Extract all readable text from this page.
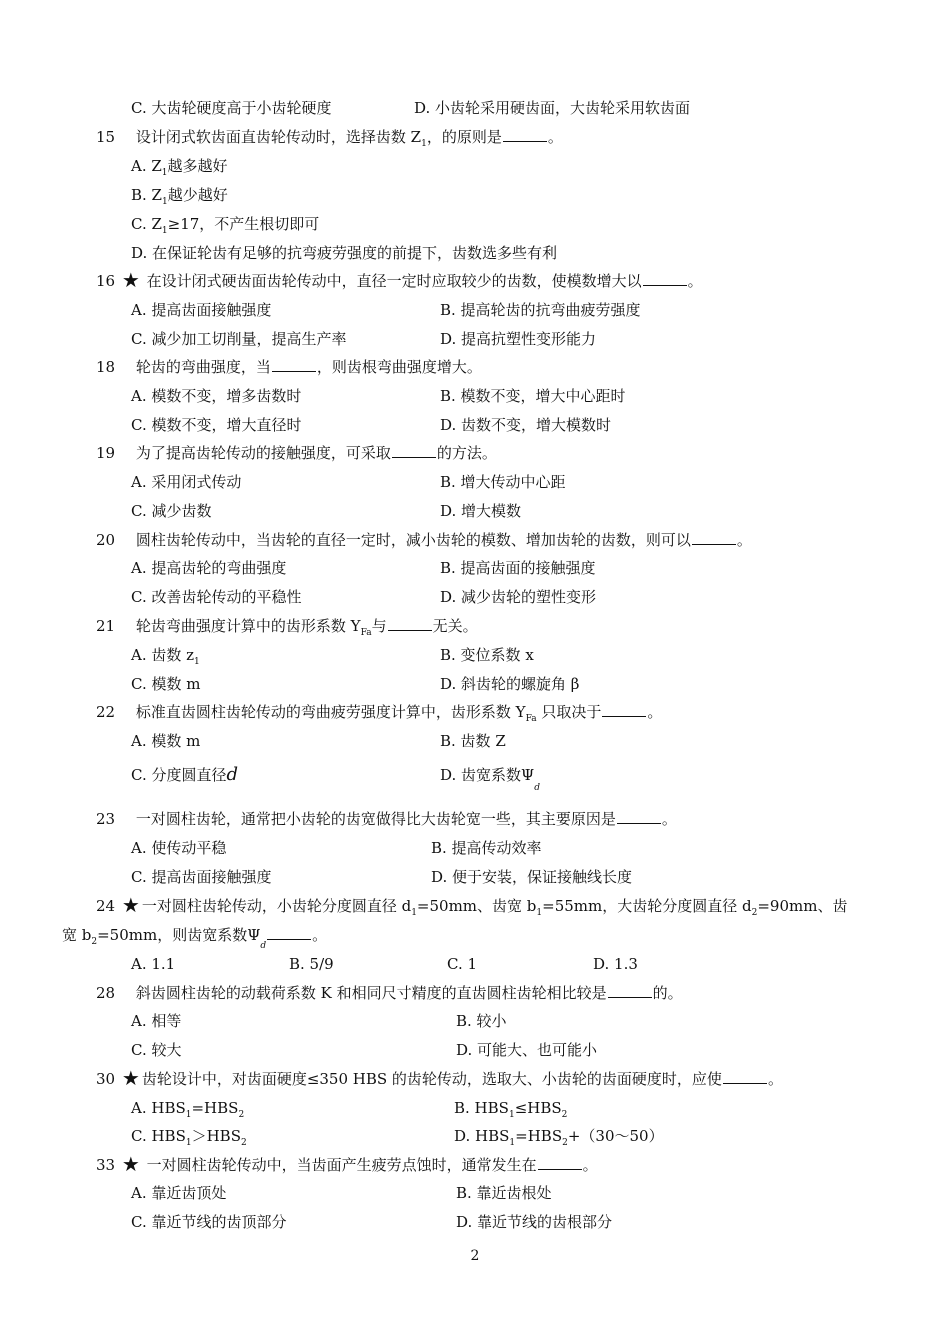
C. 大齿轮硬度高于小齿轮硬度	D. 小齿轮采用硬齿面，大齿轮采用软齿面
15 设计闭式软齿面直齿轮传动时，选择齿数 $Z_1$，的原则是	。
A. $Z_1$越多越好
B. $Z_1$越少越好
C. $Z_1\ge 17$，不产生根切即可
D. 在保证轮齿有足够的抗弯疲劳强度的前提下，齿数选多些有利
16 ★ 在设计闭式硬齿面齿轮传动中，直径一定时应取较少的齿数，使模数增大以	。
A. 提高齿面接触强度	B. 提高轮齿的抗弯曲疲劳强度
C. 减少加工切削量，提高生产率	D. 提高抗塑性变形能力
18 轮齿的弯曲强度，当	，则齿根弯曲强度增大。
A. 模数不变，增多齿数时	B. 模数不变，增大中心距时
C. 模数不变，增大直径时	D. 齿数不变，增大模数时
19 为了提高齿轮传动的接触强度，可采取	的方法。
A. 采用闭式传动	B. 增大传动中心距
C. 减少齿数	D. 增大模数
20 圆柱齿轮传动中，当齿轮的直径一定时，减小齿轮的模数、增加齿轮的齿数，则可以	。
A. 提高齿轮的弯曲强度	B. 提高齿面的接触强度
C. 改善齿轮传动的平稳性	D. 减少齿轮的塑性变形
21 轮齿弯曲强度计算中的齿形系数 $Y_{Fa}$与	无关。
A. 齿数 $z_1$	B. 变位系数 x
C. 模数 m	D. 斜齿轮的螺旋角 β
22 标准直齿圆柱齿轮传动的弯曲疲劳强度计算中，齿形系数 $Y_{Fa}$ 只取决于	。
A. 模数 m	B. 齿数 Z
C. 分度圆直径d	D. 齿宽系数$\Psi_d$
23 一对圆柱齿轮，通常把小齿轮的齿宽做得比大齿轮宽一些，其主要原因是	。
A. 使传动平稳	B. 提高传动效率
C. 提高齿面接触强度	D. 便于安装，保证接触线长度
24 ★ 一对圆柱齿轮传动，小齿轮分度圆直径 $d_1=50mm$、齿宽 $b_1=55mm$，大齿轮分度圆直径 $d_2=90mm$、齿
宽 $b_2=50mm$，则齿宽系数$\Psi_d$。
A. 1.1	B. 5/9	C. 1	D. 1.3
28 斜齿圆柱齿轮的动载荷系数 K 和相同尺寸精度的直齿圆柱齿轮相比较是	的。
A. 相等	B. 较小
C. 较大	D. 可能大、也可能小
30 ★ 齿轮设计中，对齿面硬度≤350 HBS 的齿轮传动，选取大、小齿轮的齿面硬度时，应使	。
A. $HBS_1=HBS_2$	B. $HBS_1\le HBS_2$
C. $HBS_1>HBS_2$	D. $HBS_1=HBS_2+(30\sim 50)$
33 ★ 一对圆柱齿轮传动中，当齿面产生疲劳点蚀时，通常发生在	。
A. 靠近齿顶处	B. 靠近齿根处
C. 靠近节线的齿顶部分	D. 靠近节线的齿根部分
2
